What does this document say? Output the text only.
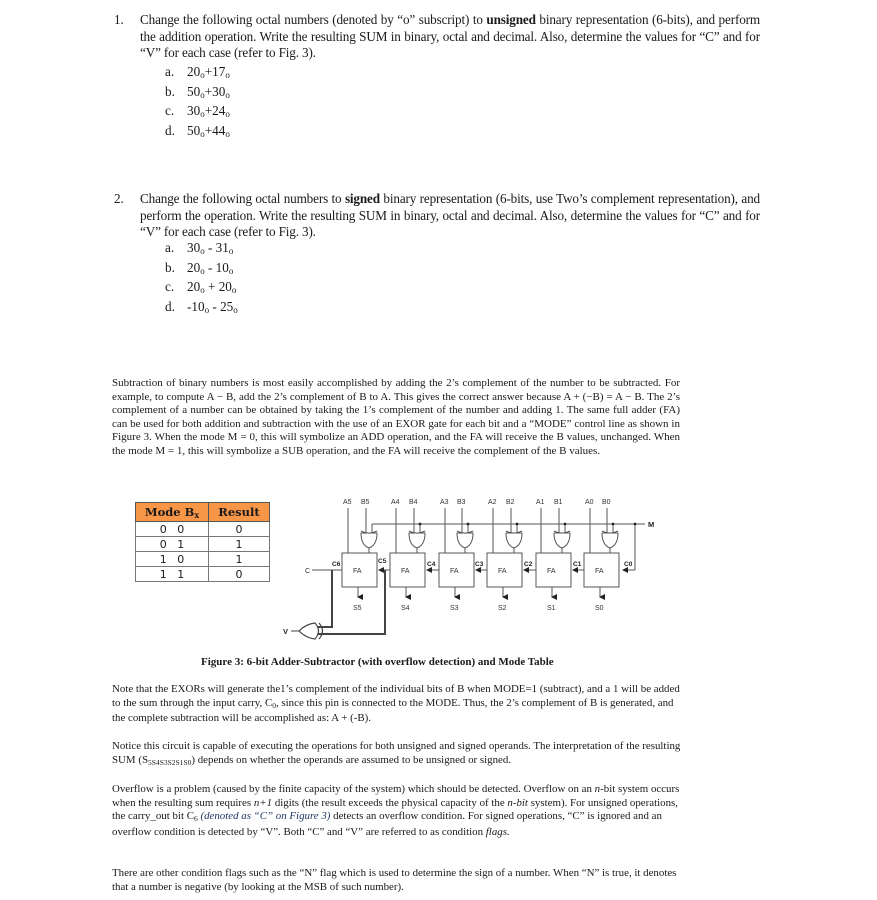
1. Change the following octal numbers (denoted by “o” subscript) to unsigned binary representation (6-bits), and perform the addition operation. Write the resulting SUM in binary, octal and decimal. Also, determine the values for “C” and for “V” for each case (refer to Fig. 3).
a. 20o+17o
b. 50o+30o
c. 30o+24o
d. 50o+44o
2. Change the following octal numbers to signed binary representation (6-bits, use Two’s complement representation), and perform the operation. Write the resulting SUM in binary, octal and decimal. Also, determine the values for “C” and for “V” for each case (refer to Fig. 3).
a. 30o - 31o
b. 20o - 10o
c. 20o + 20o
d. -10o - 25o
Subtraction of binary numbers is most easily accomplished by adding the 2’s complement of the number to be subtracted. For example, to compute A − B, add the 2’s complement of B to A. This gives the correct answer because A + (−B) = A − B. The 2’s complement of a number can be obtained by taking the 1’s complement of the number and adding 1. The same full adder (FA) can be used for both addition and subtraction with the use of an EXOR gate for each bit and a “MODE” control line as shown in Figure 3. When the mode M = 0, this will symbolize an ADD operation, and the FA will receive the B values, unchanged. When the mode M = 1, this will symbolize a SUB operation, and the FA will receive the complement of the B values.
Mode Bx	Result
0   0	0
0   1	1
1   0	1
1   1	0
A5 B5	A4 B4	A3 B3	A2 B2	A1 B1	A0 B0
FA	FA	FA	FA	FA	FA
S5	S4	S3	S2	S1	S0
C
C6	C5	C4	C3	C2	C1	C0
M
V
Figure 3: 6-bit Adder-Subtractor (with overflow detection) and Mode Table
Note that the EXORs will generate the1’s complement of the individual bits of B when MODE=1 (subtract), and a 1 will be added to the sum through the input carry, C0, since this pin is connected to the MODE. Thus, the 2’s complement of B is generated, and the complete subtraction will be accomplished as: A + (-B).
Notice this circuit is capable of executing the operations for both unsigned and signed operands. The interpretation of the resulting SUM (S5S4S3S2S1S0) depends on whether the operands are assumed to be unsigned or signed.
Overflow is a problem (caused by the finite capacity of the system) which should be detected. Overflow on an n-bit system occurs when the resulting sum requires n+1 digits (the result exceeds the physical capacity of the n-bit system). For unsigned operations, the carry_out bit C6 (denoted as “C” on Figure 3) detects an overflow condition. For signed operations, “C” is ignored and an overflow condition is detected by “V”. Both “C” and “V” are referred to as condition flags.
There are other condition flags such as the “N” flag which is used to determine the sign of a number. When “N” is true, it denotes that a number is negative (by looking at the MSB of such number).
